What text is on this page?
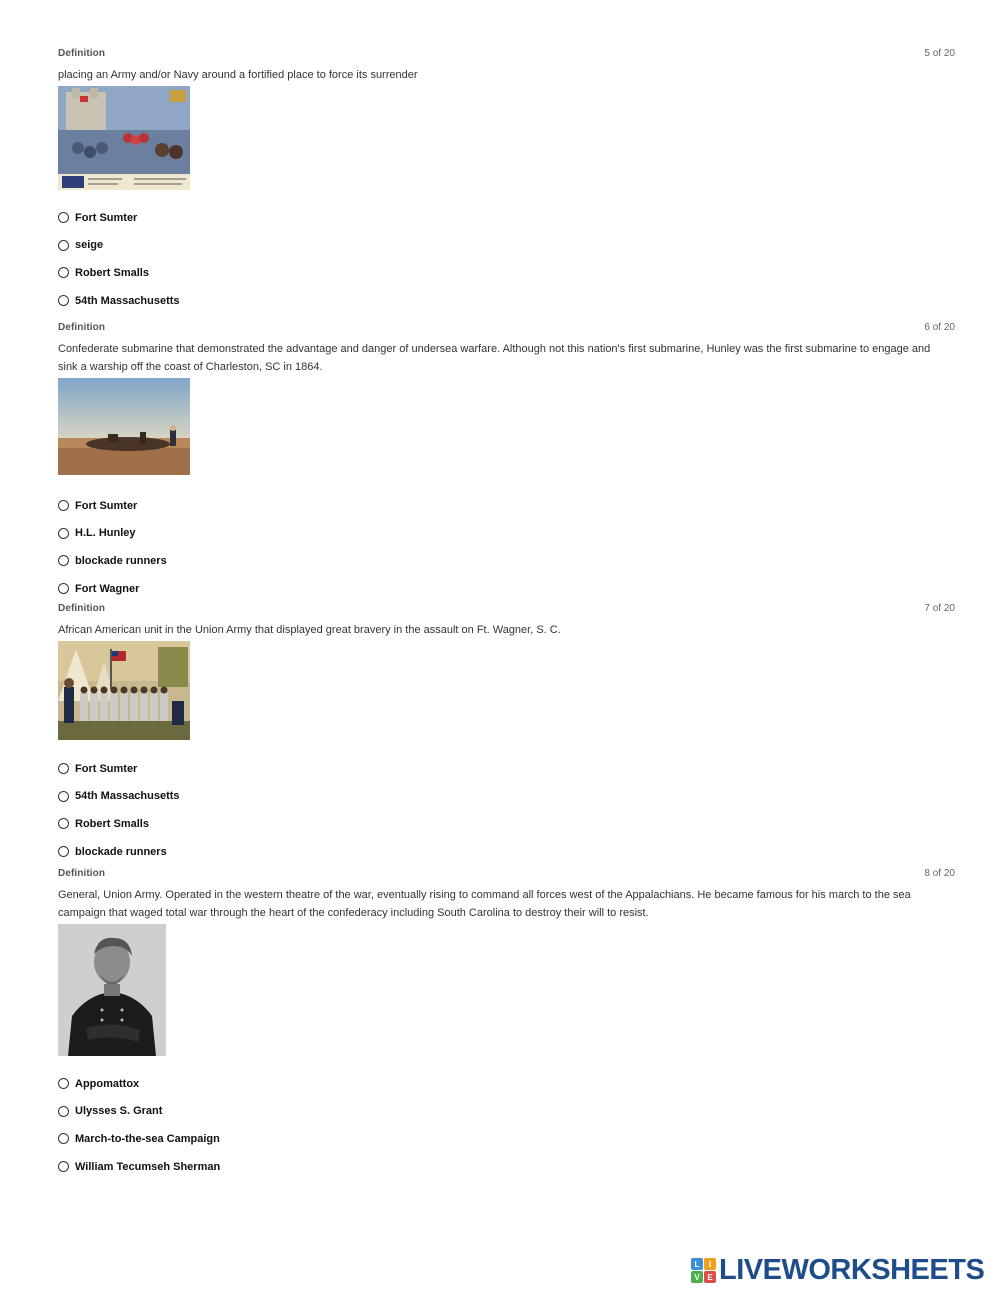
Definition	5 of 20
placing an Army and/or Navy around a fortified place to force its surrender
Fort Sumter
seige
Robert Smalls
54th Massachusetts
Definition	6 of 20
Confederate submarine that demonstrated the advantage and danger of undersea warfare. Although not this nation's first submarine, Hunley was the first submarine to engage and sink a warship off the coast of Charleston, SC in 1864.
Fort Sumter
H.L. Hunley
blockade runners
Fort Wagner
Definition	7 of 20
African American unit in the Union Army that displayed great bravery in the assault on Ft. Wagner, S. C.
Fort Sumter
54th Massachusetts
Robert Smalls
blockade runners
Definition	8 of 20
General, Union Army. Operated in the western theatre of the war, eventually rising to command all forces west of the Appalachians. He became famous for his march to the sea campaign that waged total war through the heart of the confederacy including South Carolina to destroy their will to resist.
Appomattox
Ulysses S. Grant
March-to-the-sea Campaign
William Tecumseh Sherman
L	I
V E LIVEWORKSHEETS
